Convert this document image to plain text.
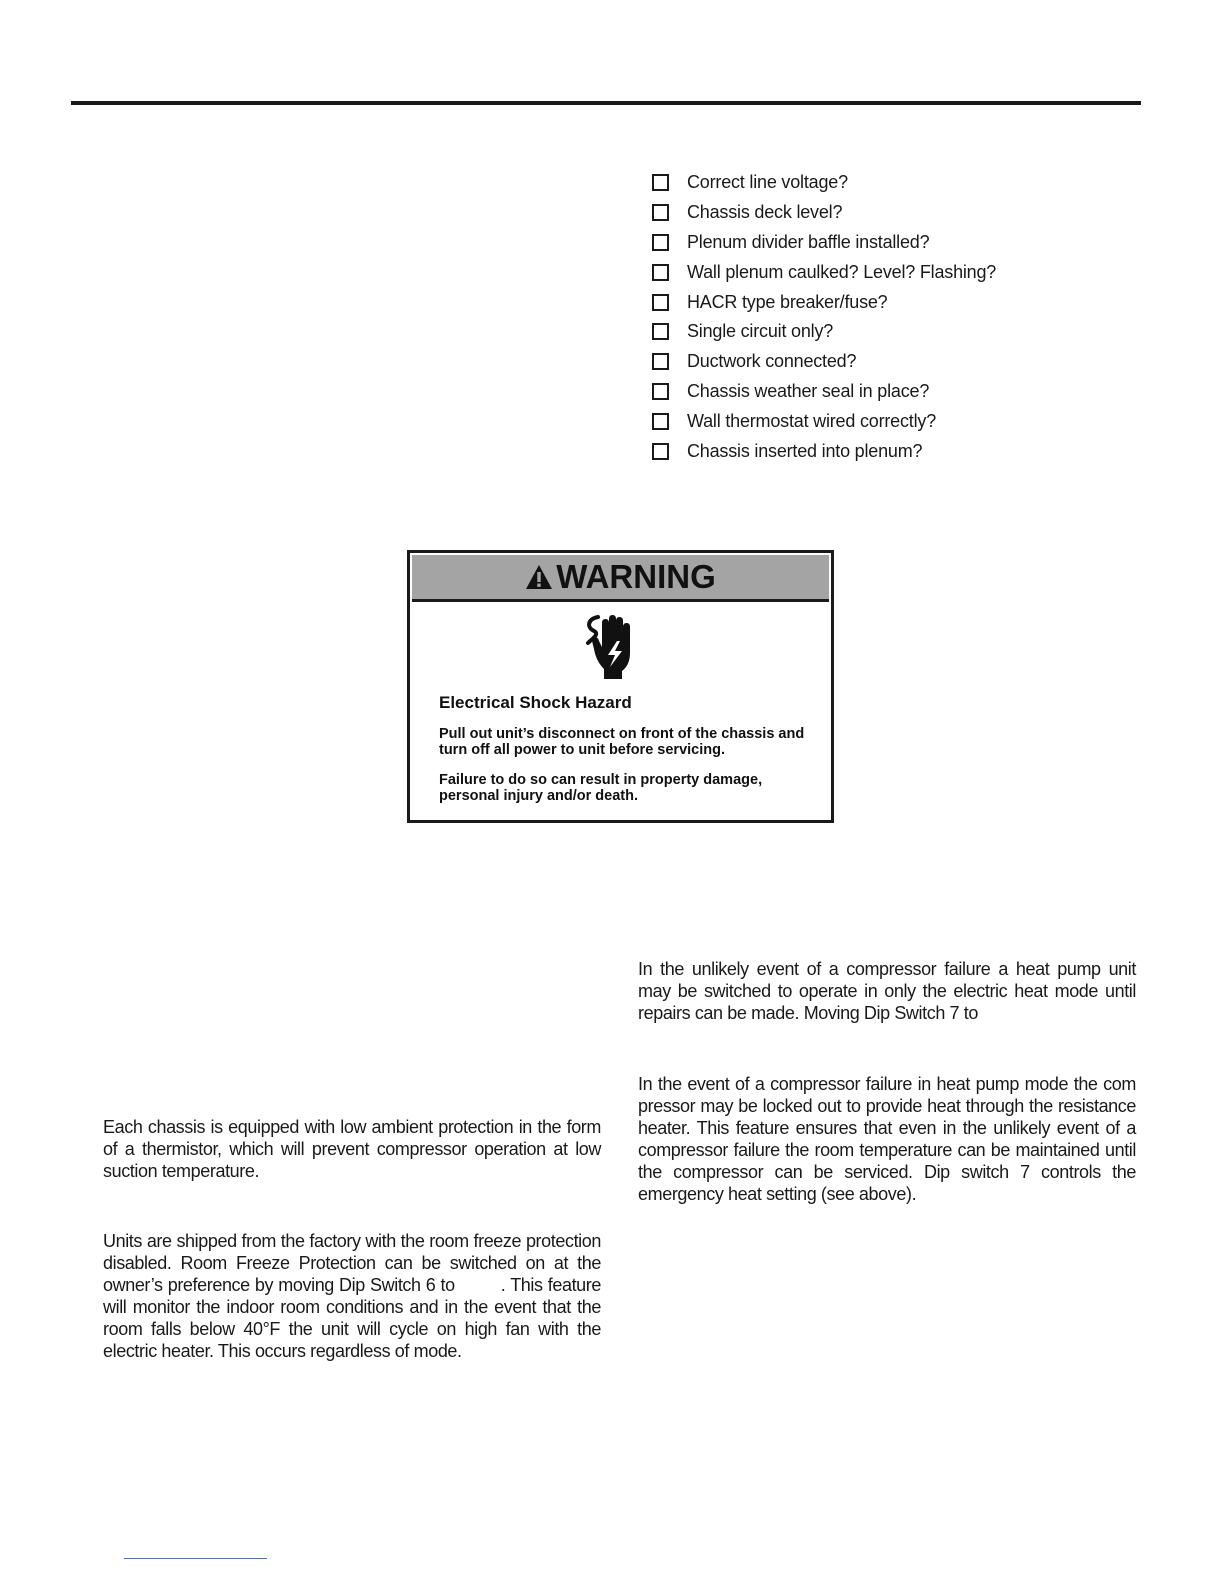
Correct line voltage?
Chassis deck level?
Plenum divider baffle installed?
Wall plenum caulked? Level? Flashing?
HACR type breaker/fuse?
Single circuit only?
Ductwork connected?
Chassis weather seal in place?
Wall thermostat wired correctly?
Chassis inserted into plenum?
WARNING
Electrical Shock Hazard

Pull out unit’s disconnect on front of the chassis and turn off all power to unit before servicing.

Failure to do so can result in property damage, personal injury and/or death.

Each chassis is equipped with low ambient protection in the form of a thermistor, which will prevent compressor operation at low suction temperature.

Units are shipped from the factory with the room freeze protection disabled. Room Freeze Protection can be switched on at the owner’s preference by moving Dip Switch 6 to	. This feature will monitor the indoor room conditions and in the event that the room falls below 40°F the unit will cycle on high fan with the electric heater. This occurs regardless of mode.

In the unlikely event of a compressor failure a heat pump unit may be switched to operate in only the electric heat mode until repairs can be made. Moving Dip Switch 7 to

In the event of a compressor failure in heat pump mode the com pressor may be locked out to provide heat through the resistance heater. This feature ensures that even in the unlikely event of a compressor failure the room temperature can be maintained until the compressor can be serviced. Dip switch 7 controls the emergency heat setting (see above).
